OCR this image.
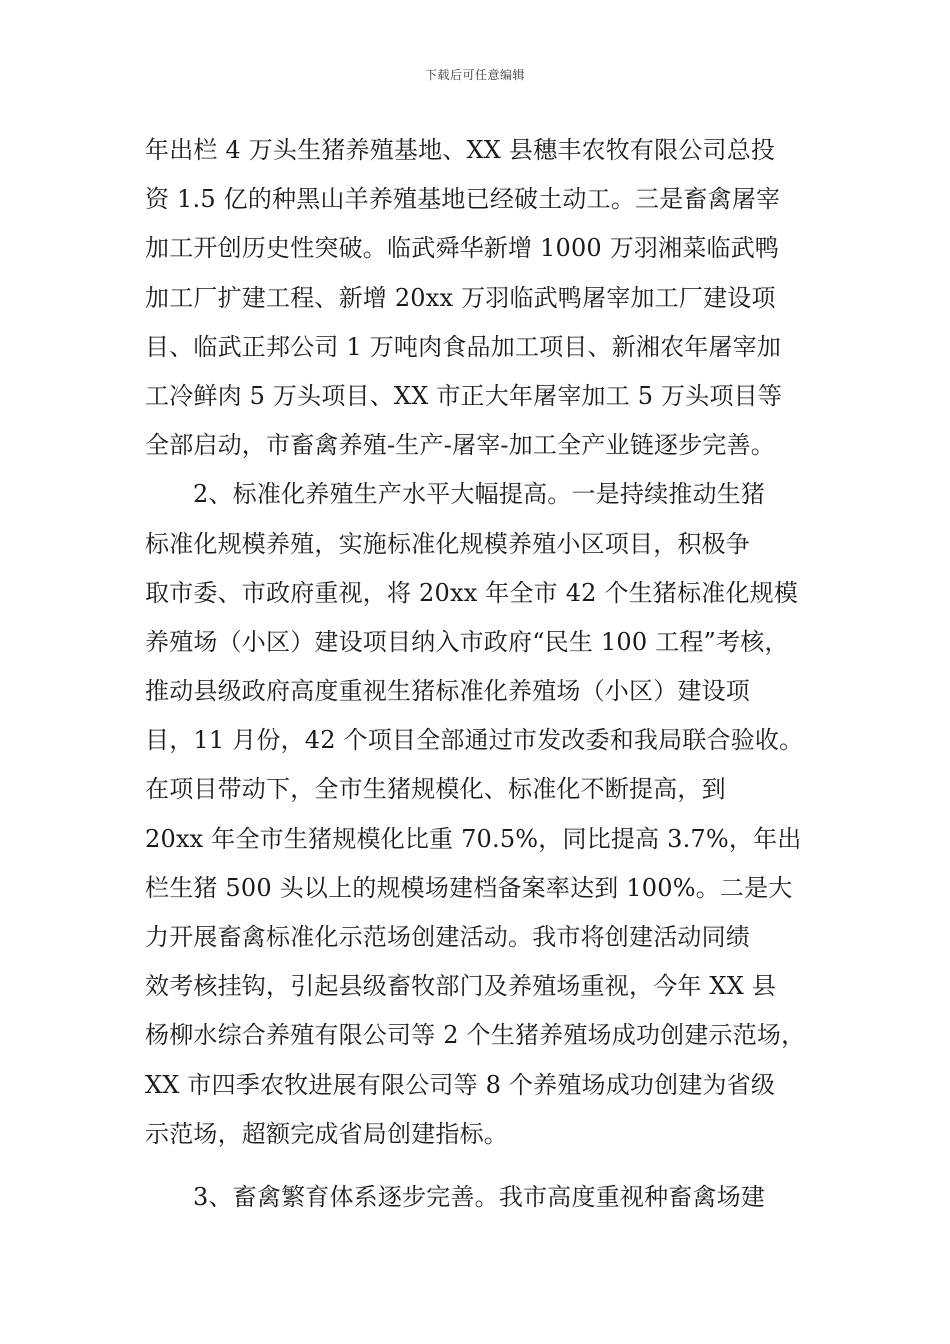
下载后可任意编辑
年出栏 4 万头生猪养殖基地、XX 县穗丰农牧有限公司总投
资 1.5 亿的种黑山羊养殖基地已经破土动工。三是畜禽屠宰
加工开创历史性突破。临武舜华新增 1000 万羽湘菜临武鸭
加工厂扩建工程、新增 20xx 万羽临武鸭屠宰加工厂建设项
目、临武正邦公司 1 万吨肉食品加工项目、新湘农年屠宰加
工冷鲜肉 5 万头项目、XX 市正大年屠宰加工 5 万头项目等
全部启动，市畜禽养殖-生产-屠宰-加工全产业链逐步完善。
2、标准化养殖生产水平大幅提高。一是持续推动生猪
标准化规模养殖，实施标准化规模养殖小区项目，积极争
取市委、市政府重视，将 20xx 年全市 42 个生猪标准化规模
养殖场（小区）建设项目纳入市政府“民生 100 工程”考核，
推动县级政府高度重视生猪标准化养殖场（小区）建设项
目，11 月份，42 个项目全部通过市发改委和我局联合验收。
在项目带动下，全市生猪规模化、标准化不断提高，到
20xx 年全市生猪规模化比重 70.5%，同比提高 3.7%，年出
栏生猪 500 头以上的规模场建档备案率达到 100%。二是大
力开展畜禽标准化示范场创建活动。我市将创建活动同绩
效考核挂钩，引起县级畜牧部门及养殖场重视，今年 XX 县
杨柳水综合养殖有限公司等 2 个生猪养殖场成功创建示范场，
XX 市四季农牧进展有限公司等 8 个养殖场成功创建为省级
示范场，超额完成省局创建指标。
3、畜禽繁育体系逐步完善。我市高度重视种畜禽场建
